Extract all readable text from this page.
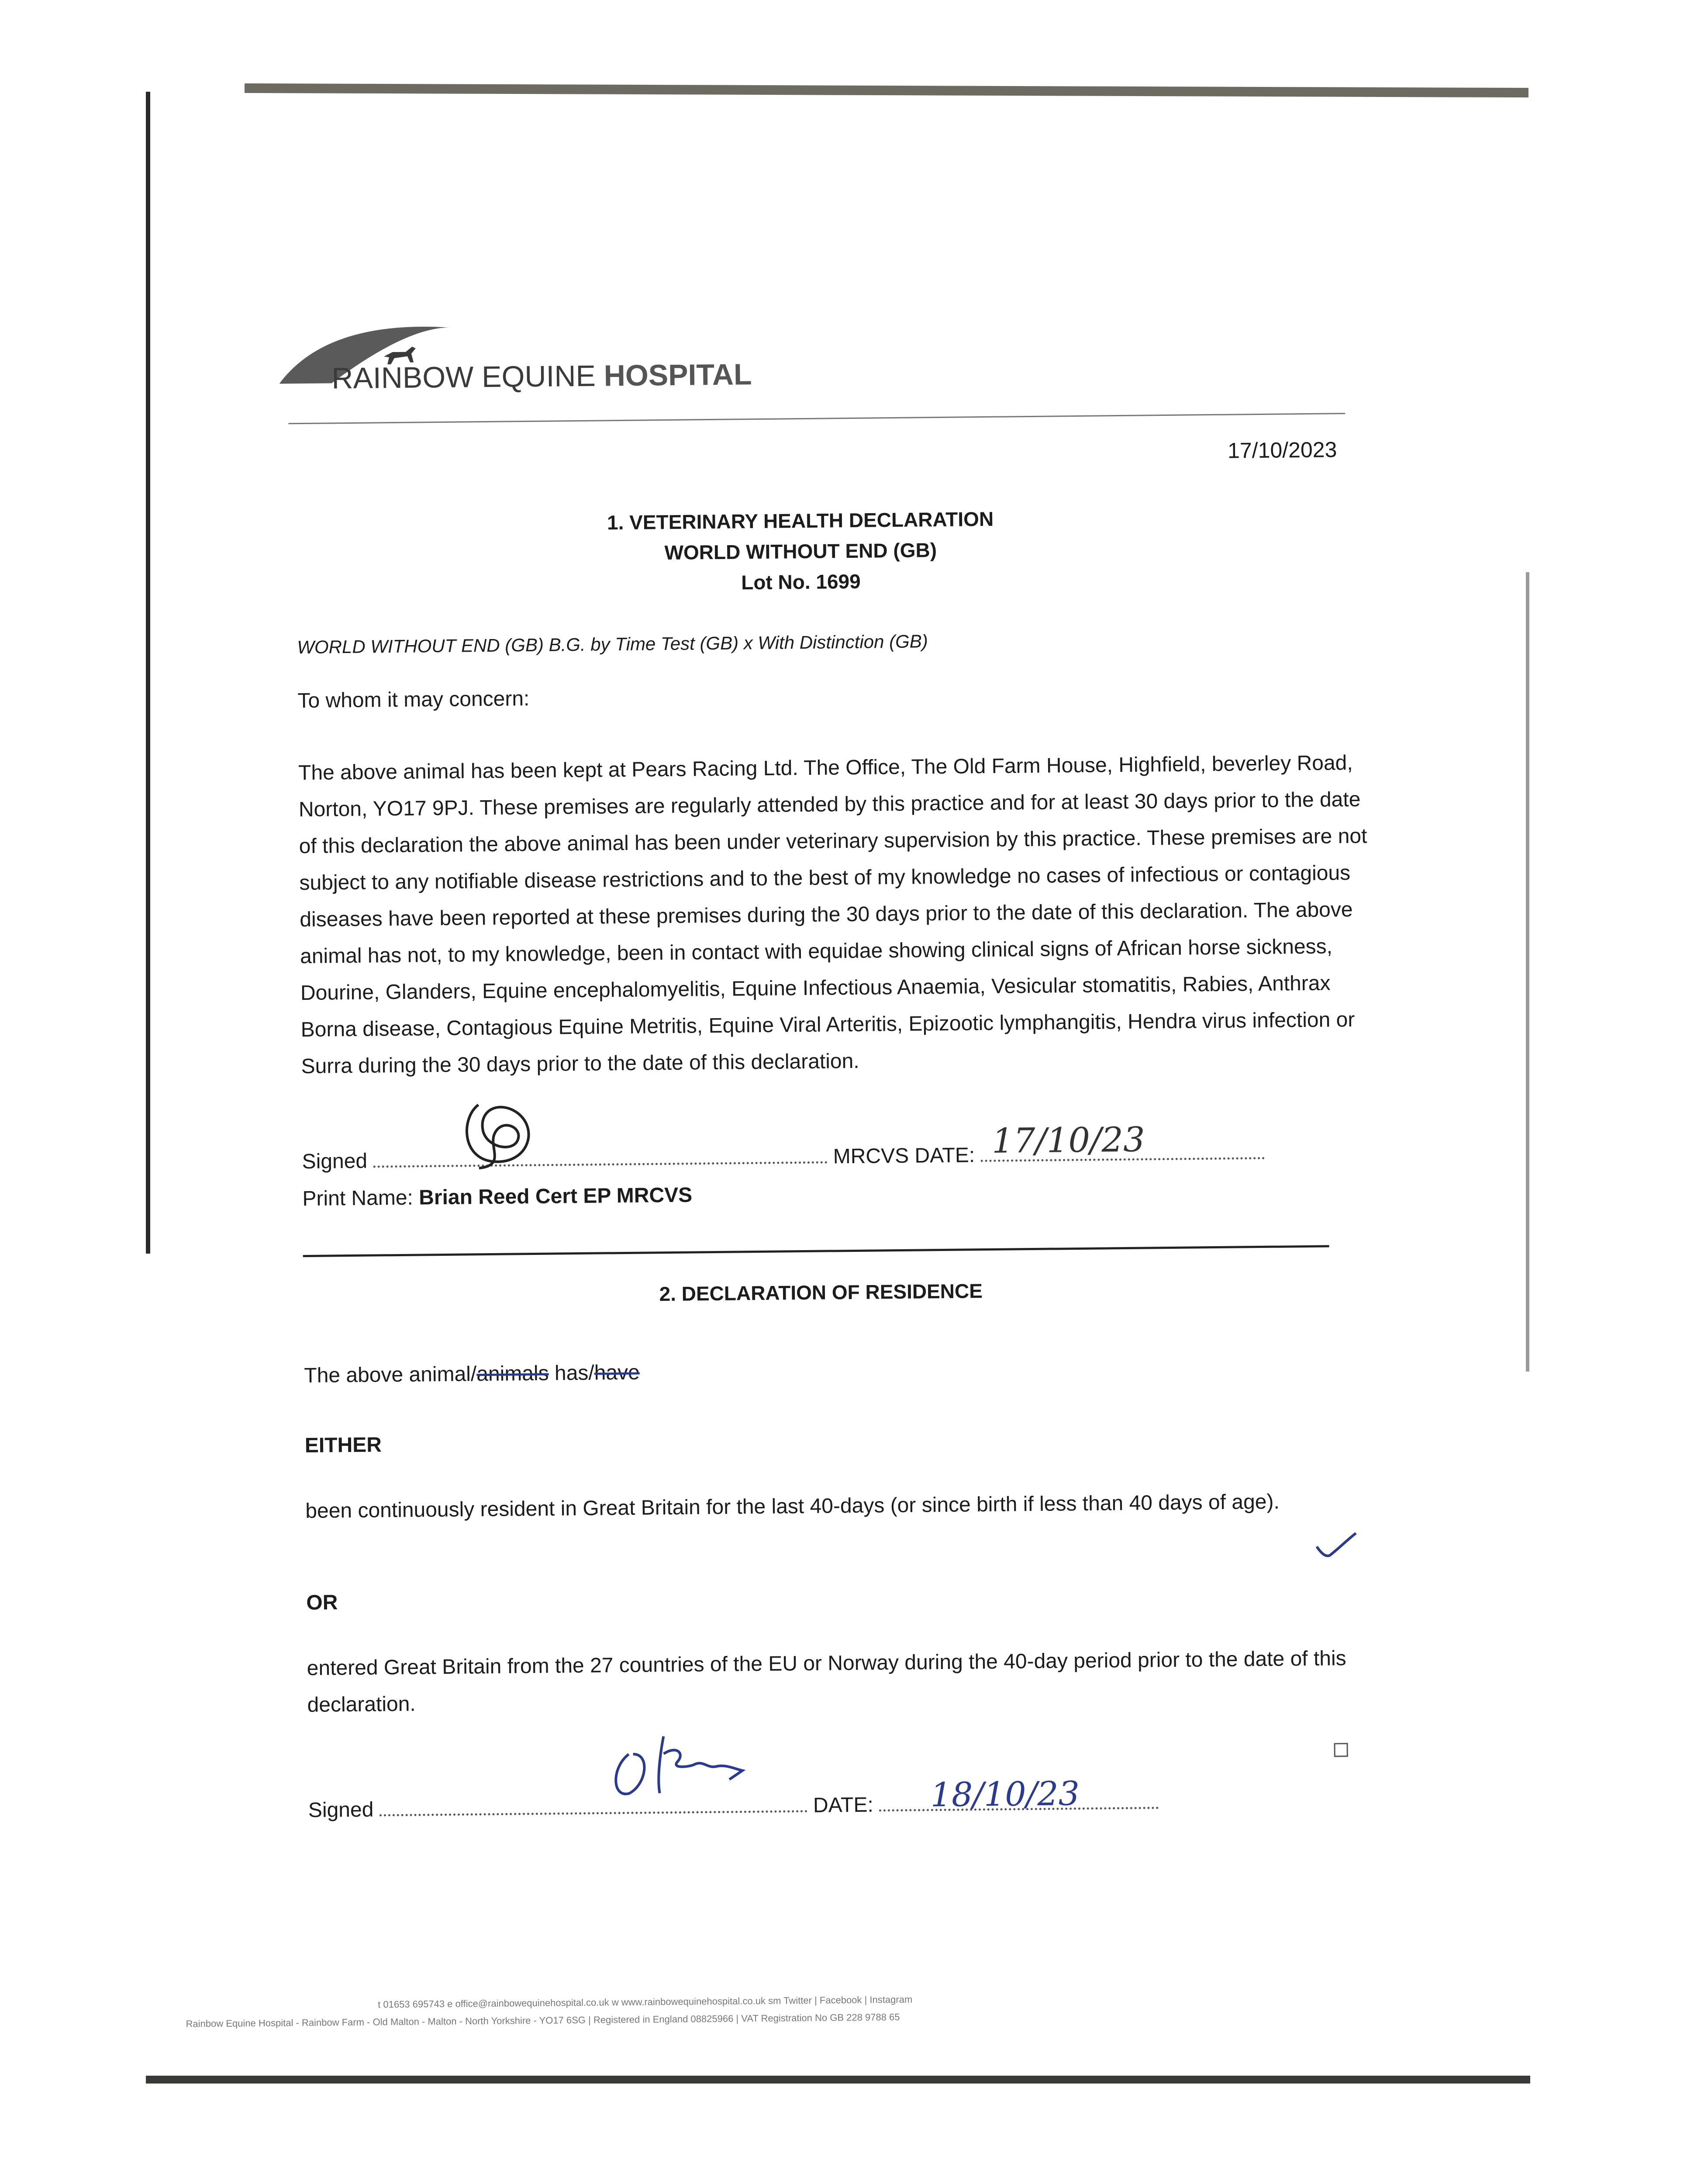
RAINBOW EQUINE HOSPITAL
17/10/2023
1. VETERINARY HEALTH DECLARATION
WORLD WITHOUT END (GB)
Lot No. 1699
WORLD WITHOUT END (GB) B.G. by Time Test (GB) x With Distinction (GB)
To whom it may concern:
The above animal has been kept at Pears Racing Ltd. The Office, The Old Farm House, Highfield, beverley Road, Norton, YO17 9PJ. These premises are regularly attended by this practice and for at least 30 days prior to the date of this declaration the above animal has been under veterinary supervision by this practice. These premises are not subject to any notifiable disease restrictions and to the best of my knowledge no cases of infectious or contagious diseases have been reported at these premises during the 30 days prior to the date of this declaration. The above animal has not, to my knowledge, been in contact with equidae showing clinical signs of African horse sickness, Dourine, Glanders, Equine encephalomyelitis, Equine Infectious Anaemia, Vesicular stomatitis, Rabies, Anthrax Borna disease, Contagious Equine Metritis, Equine Viral Arteritis, Epizootic lymphangitis, Hendra virus infection or Surra during the 30 days prior to the date of this declaration.
Signed	MRCVS DATE: 17/10/23
Print Name: Brian Reed Cert EP MRCVS
2. DECLARATION OF RESIDENCE
The above animal/animals has/have
EITHER
been continuously resident in Great Britain for the last 40-days (or since birth if less than 40 days of age).
OR
entered Great Britain from the 27 countries of the EU or Norway during the 40-day period prior to the date of this declaration.
Signed	DATE:	18/10/23
t 01653 695743 e office@rainbowequinehospital.co.uk w www.rainbowequinehospital.co.uk sm Twitter | Facebook | Instagram
Rainbow Equine Hospital - Rainbow Farm - Old Malton - Malton - North Yorkshire - YO17 6SG | Registered in England 08825966 | VAT Registration No GB 228 9788 65
